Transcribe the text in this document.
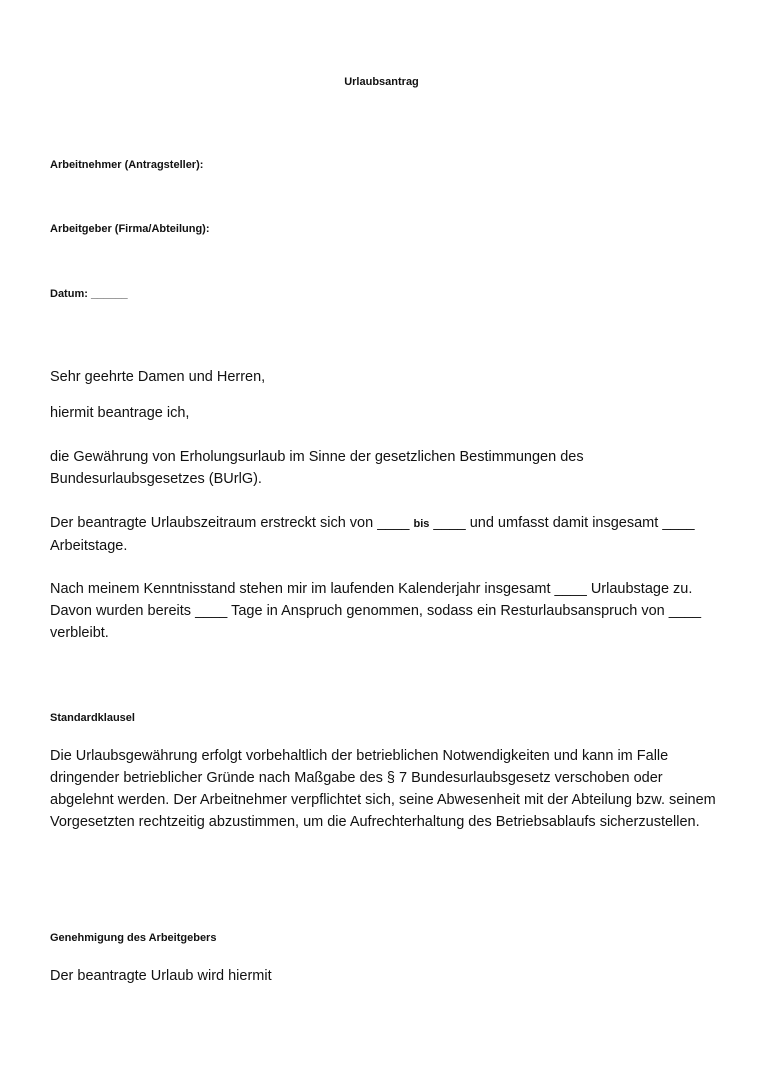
Urlaubsantrag

Arbeitnehmer (Antragsteller):

Arbeitgeber (Firma/Abteilung):

Datum: ______

Sehr geehrte Damen und Herren,

hiermit beantrage ich,

die Gewährung von Erholungsurlaub im Sinne der gesetzlichen Bestimmungen des Bundesurlaubsgesetzes (BUrlG).

Der beantragte Urlaubszeitraum erstreckt sich von ____ bis ____ und umfasst damit insgesamt ____ Arbeitstage.

Nach meinem Kenntnisstand stehen mir im laufenden Kalenderjahr insgesamt ____ Urlaubstage zu. Davon wurden bereits ____ Tage in Anspruch genommen, sodass ein Resturlaubsanspruch von ____ verbleibt.

Standardklausel

Die Urlaubsgewährung erfolgt vorbehaltlich der betrieblichen Notwendigkeiten und kann im Falle dringender betrieblicher Gründe nach Maßgabe des § 7 Bundesurlaubsgesetz verschoben oder abgelehnt werden. Der Arbeitnehmer verpflichtet sich, seine Abwesenheit mit der Abteilung bzw. seinem Vorgesetzten rechtzeitig abzustimmen, um die Aufrechterhaltung des Betriebsablaufs sicherzustellen.

Genehmigung des Arbeitgebers

Der beantragte Urlaub wird hiermit
